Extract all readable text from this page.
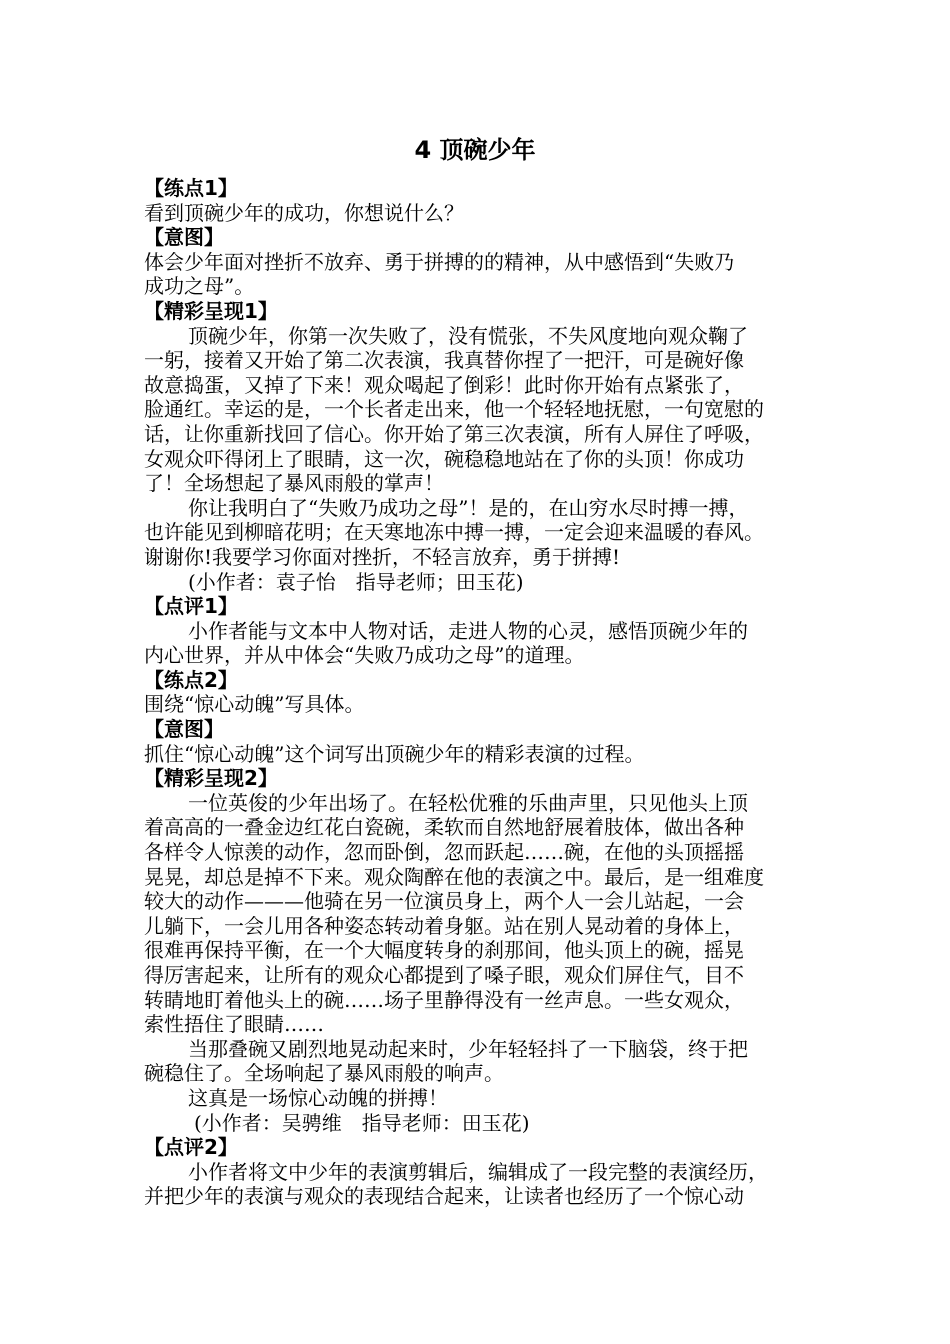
4 顶碗少年

【练点1】

看到顶碗少年的成功，你想说什么？

【意图】

体会少年面对挫折不放弃、勇于拼搏的的精神，从中感悟到“失败乃

成功之母”。

【精彩呈现1】

顶碗少年，你第一次失败了，没有慌张，不失风度地向观众鞠了

一躬，接着又开始了第二次表演，我真替你捏了一把汗，可是碗好像

故意捣蛋，又掉了下来！观众喝起了倒彩！此时你开始有点紧张了，

脸通红。幸运的是，一个长者走出来，他一个轻轻地抚慰，一句宽慰的

话，让你重新找回了信心。你开始了第三次表演，所有人屏住了呼吸，

女观众吓得闭上了眼睛，这一次，碗稳稳地站在了你的头顶！你成功

了！全场想起了暴风雨般的掌声！

你让我明白了“失败乃成功之母”！是的，在山穷水尽时搏一搏，

也许能见到柳暗花明；在天寒地冻中搏一搏，一定会迎来温暖的春风。

谢谢你!我要学习你面对挫折，不轻言放弃，勇于拼搏!

(小作者：袁子怡　指导老师；田玉花)

【点评1】

小作者能与文本中人物对话，走进人物的心灵，感悟顶碗少年的

内心世界，并从中体会“失败乃成功之母”的道理。

【练点2】

围绕“惊心动魄”写具体。

【意图】

抓住“惊心动魄”这个词写出顶碗少年的精彩表演的过程。

【精彩呈现2】

一位英俊的少年出场了。在轻松优雅的乐曲声里，只见他头上顶

着高高的一叠金边红花白瓷碗，柔软而自然地舒展着肢体，做出各种

各样令人惊羡的动作，忽而卧倒，忽而跃起……碗，在他的头顶摇摇

晃晃，却总是掉不下来。观众陶醉在他的表演之中。最后，是一组难度

较大的动作———他骑在另一位演员身上，两个人一会儿站起，一会

儿躺下，一会儿用各种姿态转动着身躯。站在别人晃动着的身体上，

很难再保持平衡，在一个大幅度转身的刹那间，他头顶上的碗，摇晃

得厉害起来，让所有的观众心都提到了嗓子眼，观众们屏住气，目不

转睛地盯着他头上的碗……场子里静得没有一丝声息。一些女观众，

索性捂住了眼睛……

当那叠碗又剧烈地晃动起来时，少年轻轻抖了一下脑袋，终于把

碗稳住了。全场响起了暴风雨般的响声。

这真是一场惊心动魄的拼搏！

(小作者：吴骋维　指导老师：田玉花)

【点评2】

小作者将文中少年的表演剪辑后，编辑成了一段完整的表演经历，

并把少年的表演与观众的表现结合起来，让读者也经历了一个惊心动
